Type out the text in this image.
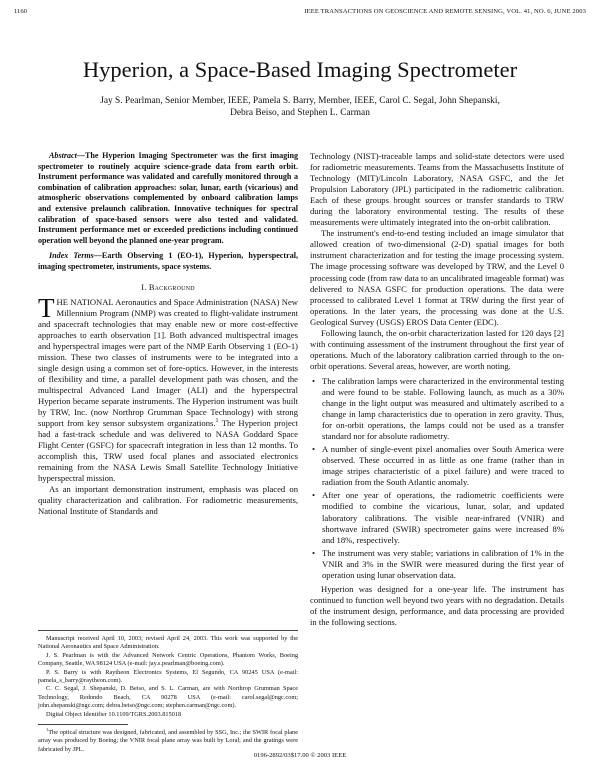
1160	IEEE TRANSACTIONS ON GEOSCIENCE AND REMOTE SENSING, VOL. 41, NO. 6, JUNE 2003
Hyperion, a Space-Based Imaging Spectrometer
Jay S. Pearlman, Senior Member, IEEE, Pamela S. Barry, Member, IEEE, Carol C. Segal, John Shepanski,
Debra Beiso, and Stephen L. Carman

Abstract—The Hyperion Imaging Spectrometer was the first imaging spectrometer to routinely acquire science-grade data from earth orbit. Instrument performance was validated and carefully monitored through a combination of calibration approaches: solar, lunar, earth (vicarious) and atmospheric observations complemented by onboard calibration lamps and extensive prelaunch calibration. Innovative techniques for spectral calibration of space-based sensors were also tested and validated. Instrument performance met or exceeded predictions including continued operation well beyond the planned one-year program.

Index Terms—Earth Observing 1 (EO-1), Hyperion, hyperspectral, imaging spectrometer, instruments, space systems.

I. Background

THE NATIONAL Aeronautics and Space Administration (NASA) New Millennium Program (NMP) was created to flight-validate instrument and spacecraft technologies that may enable new or more cost-effective approaches to earth observation [1]. Both advanced multispectral images and hyperspectral images were part of the NMP Earth Observing 1 (EO-1) mission. These two classes of instruments were to be integrated into a single design using a common set of fore-optics. However, in the interests of flexibility and time, a parallel development path was chosen, and the multispectral Advanced Land Imager (ALI) and the hyperspectral Hyperion became separate instruments. The Hyperion instrument was built by TRW, Inc. (now Northrop Grumman Space Technology) with strong support from key sensor subsystem organizations.$^1$ The Hyperion project had a fast-track schedule and was delivered to NASA Goddard Space Flight Center (GSFC) for spacecraft integration in less than 12 months. To accomplish this, TRW used focal planes and associated electronics remaining from the NASA Lewis Small Satellite Technology Initiative hyperspectral mission.

As an important demonstration instrument, emphasis was placed on quality characterization and calibration. For radiometric measurements, National Institute of Standards and

Manuscript received April 10, 2003; revised April 24, 2003. This work was supported by the National Aeronautics and Space Administration.

J. S. Pearlman is with the Advanced Network Centric Operations, Phantom Works, Boeing Company, Seattle, WA 98124 USA (e-mail: jay.s.pearlman@boeing.com).

P. S. Barry is with Raytheon Electronics Systems, El Segundo, CA 90245 USA (e-mail: pamela_s_barry@raytheon.com).

C. C. Segal, J. Shepanski, D. Beiso, and S. L. Carman, are with Northrop Grumman Space Technology, Redondo Beach, CA 90278 USA (e-mail: carol.segal@ngc.com; john.shepanski@ngc.com; debra.beiso@ngc.com; stephen.carman@ngc.com).

Digital Object Identifier 10.1109/TGRS.2003.815018

$^1$The optical structure was designed, fabricated, and assembled by SSG, Inc.; the SWIR focal plane array was produced by Boeing; the VNIR focal plane array was built by Loral; and the gratings were fabricated by JPL.

Technology (NIST)-traceable lamps and solid-state detectors were used for radiometric measurements. Teams from the Massachusetts Institute of Technology (MIT)/Lincoln Laboratory, NASA GSFC, and the Jet Propulsion Laboratory (JPL) participated in the radiometric calibration. Each of these groups brought sources or transfer standards to TRW during the laboratory environmental testing. The results of these measurements were ultimately integrated into the on-orbit calibration.

The instrument's end-to-end testing included an image simulator that allowed creation of two-dimensional (2-D) spatial images for both instrument characterization and for testing the image processing system. The image processing software was developed by TRW, and the Level 0 processing code (from raw data to an uncalibrated imageable format) was delivered to NASA GSFC for production operations. The data were processed to calibrated Level 1 format at TRW during the first year of operations. In the later years, the processing was done at the U.S. Geological Survey (USGS) EROS Data Center (EDC).

Following launch, the on-orbit characterization lasted for 120 days [2] with continuing assessment of the instrument throughout the first year of operations. Much of the laboratory calibration carried through to the on-orbit operations. Several areas, however, are worth noting.

• The calibration lamps were characterized in the environmental testing and were found to be stable. Following launch, as much as a 30% change in the light output was measured and ultimately ascribed to a change in lamp characteristics due to operation in zero gravity. Thus, for on-orbit operations, the lamps could not be used as a transfer standard nor for absolute radiometry.
• A number of single-event pixel anomalies over South America were observed. These occurred in as little as one frame (rather than in image stripes characteristic of a pixel failure) and were traced to radiation from the South Atlantic anomaly.
• After one year of operations, the radiometric coefficients were modified to combine the vicarious, lunar, solar, and updated laboratory calibrations. The visible near-infrared (VNIR) and shortwave infrared (SWIR) spectrometer gains were increased 8% and 18%, respectively.
• The instrument was very stable; variations in calibration of 1% in the VNIR and 3% in the SWIR were measured during the first year of operation using lunar observation data.

Hyperion was designed for a one-year life. The instrument has continued to function well beyond two years with no degradation. Details of the instrument design, performance, and data processing are provided in the following sections.

0196-2892/03$17.00 © 2003 IEEE
